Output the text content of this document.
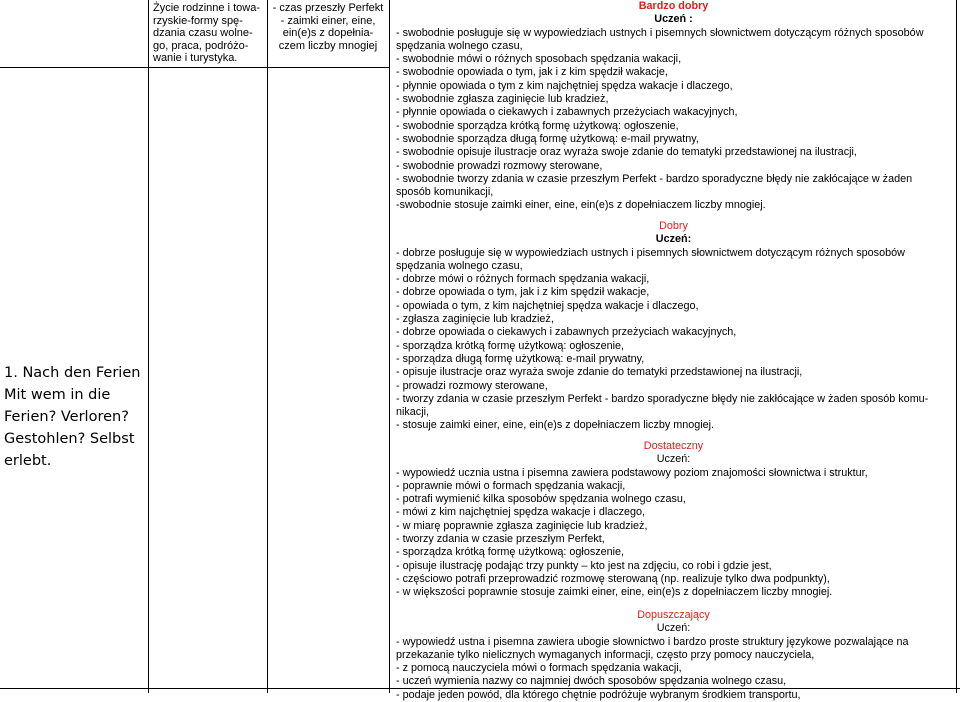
Życie rodzinne i towa-
rzyskie-formy spę-
dzania czasu wolne-
go, praca, podróżo-
wanie i turystyka.
- czas przeszły Perfekt
- zaimki einer, eine,
ein(e)s z dopełnia-
czem liczby mnogiej
1. Nach den Ferien
Mit wem in die
Ferien? Verloren?
Gestohlen? Selbst
erlebt.
Bardzo dobry
Uczeń :
- swobodnie posługuje się w wypowiedziach ustnych i pisemnych słownictwem dotyczącym różnych sposobów
spędzania wolnego czasu,
- swobodnie mówi o różnych sposobach spędzania wakacji,
- swobodnie opowiada o tym, jak i z kim spędził wakacje,
- płynnie opowiada o tym z kim najchętniej spędza wakacje i dlaczego,
- swobodnie zgłasza zaginięcie lub kradzież,
- płynnie opowiada o ciekawych i zabawnych przeżyciach wakacyjnych,
- swobodnie sporządza krótką formę użytkową: ogłoszenie,
- swobodnie sporządza długą formę użytkową: e-mail prywatny,
- swobodnie opisuje ilustracje oraz wyraża swoje zdanie do tematyki przedstawionej na ilustracji,
- swobodnie prowadzi rozmowy sterowane,
- swobodnie tworzy zdania w czasie przeszłym Perfekt - bardzo sporadyczne błędy nie zakłócające w żaden
sposób komunikacji,
-swobodnie stosuje zaimki einer, eine, ein(e)s z dopełniaczem liczby mnogiej.
Dobry
Uczeń:
- dobrze posługuje się w wypowiedziach ustnych i pisemnych słownictwem dotyczącym różnych sposobów
spędzania wolnego czasu,
- dobrze mówi o różnych formach spędzania wakacji,
- dobrze opowiada o tym, jak i z kim spędził wakacje,
- opowiada o tym, z kim najchętniej spędza wakacje i dlaczego,
- zgłasza zaginięcie lub kradzież,
- dobrze opowiada o ciekawych i zabawnych przeżyciach wakacyjnych,
- sporządza krótką formę użytkową: ogłoszenie,
- sporządza długą formę użytkową: e-mail prywatny,
- opisuje ilustracje oraz wyraża swoje zdanie do tematyki przedstawionej na ilustracji,
- prowadzi rozmowy sterowane,
- tworzy zdania w czasie przeszłym Perfekt - bardzo sporadyczne błędy nie zakłócające w żaden sposób komu-
nikacji,
- stosuje zaimki einer, eine, ein(e)s z dopełniaczem liczby mnogiej.
Dostateczny
Uczeń:
- wypowiedź ucznia ustna i pisemna zawiera podstawowy poziom znajomości słownictwa i struktur,
- poprawnie mówi o formach spędzania wakacji,
- potrafi wymienić kilka sposobów spędzania wolnego czasu,
- mówi z kim najchętniej spędza wakacje i dlaczego,
- w miarę poprawnie zgłasza zaginięcie lub kradzież,
- tworzy zdania w czasie przeszłym Perfekt,
- sporządza krótką formę użytkową: ogłoszenie,
- opisuje ilustrację podając trzy punkty – kto jest na zdjęciu, co robi i gdzie jest,
- częściowo potrafi przeprowadzić rozmowę sterowaną (np. realizuje tylko dwa podpunkty),
- w większości poprawnie stosuje zaimki einer, eine, ein(e)s z dopełniaczem liczby mnogiej.
Dopuszczający
Uczeń:
- wypowiedź ustna i pisemna zawiera ubogie słownictwo i bardzo proste struktury językowe pozwalające na
przekazanie tylko nielicznych wymaganych informacji, często przy pomocy nauczyciela,
- z pomocą nauczyciela mówi o formach spędzania wakacji,
- uczeń wymienia nazwy co najmniej dwóch sposobów spędzania wolnego czasu,
- podaje jeden powód, dla którego chętnie podróżuje wybranym środkiem transportu,
